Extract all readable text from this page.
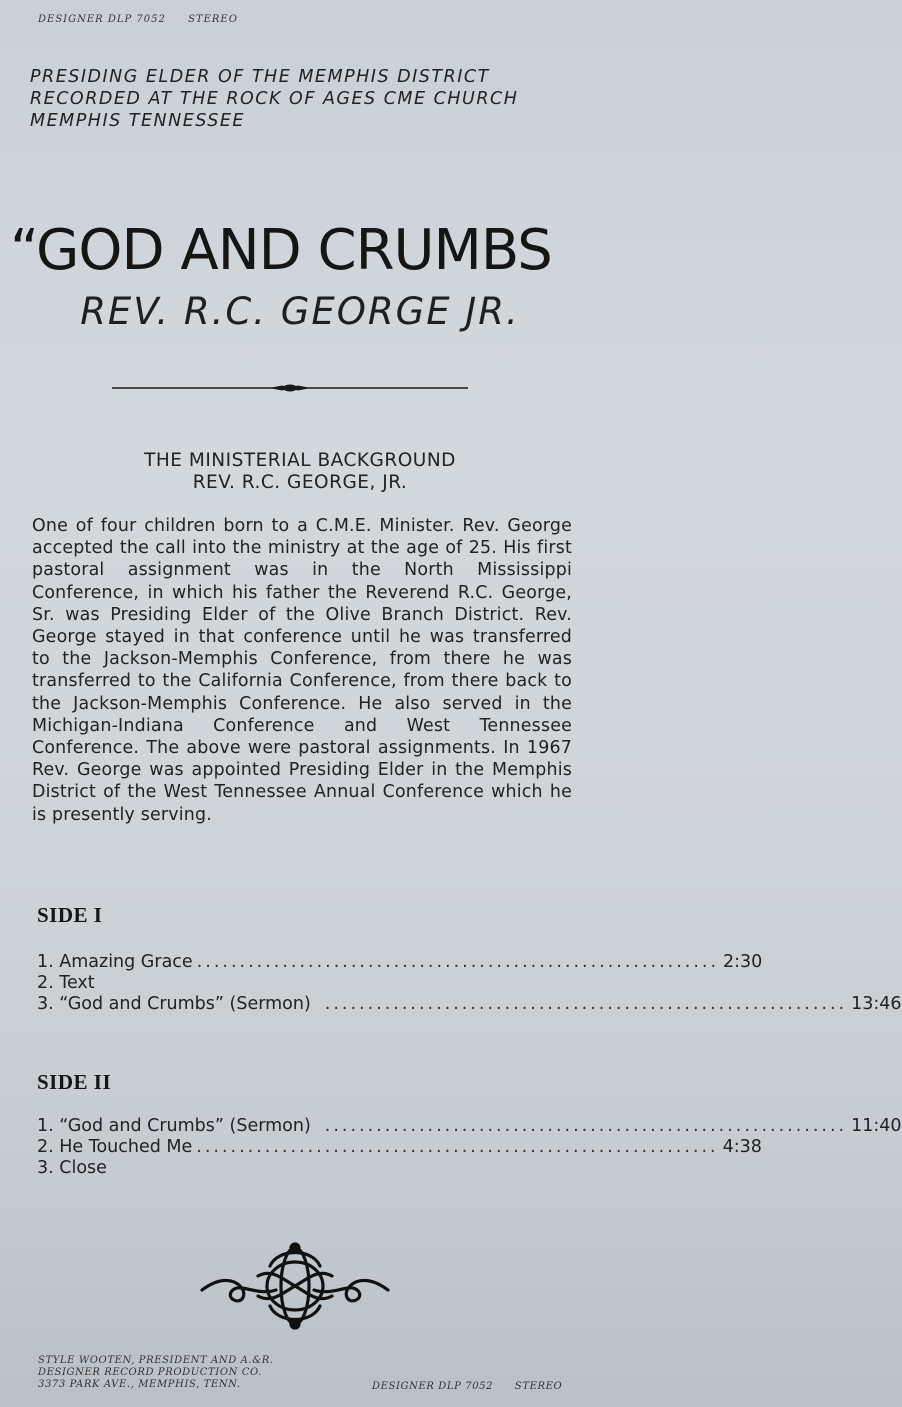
DESIGNER DLP 7052 STEREO
PRESIDING ELDER OF THE MEMPHIS DISTRICT
RECORDED AT THE ROCK OF AGES CME CHURCH
MEMPHIS TENNESSEE
“GOD AND CRUMBS
REV. R.C. GEORGE JR.
THE MINISTERIAL BACKGROUND
REV. R.C. GEORGE, JR.
One of four children born to a C.M.E. Minister. Rev. George accepted the call into the ministry at the age of 25. His first pastoral assignment was in the North Mississippi Conference, in which his father the Reverend R.C. George, Sr. was Presiding Elder of the Olive Branch District. Rev. George stayed in that conference until he was transferred to the Jackson-Memphis Conference, from there he was transferred to the California Conference, from there back to the Jackson-Memphis Conference. He also served in the Michigan-Indiana Conference and West Tennessee Conference. The above were pastoral assignments. In 1967 Rev. George was appointed Presiding Elder in the Memphis District of the West Tennessee Annual Conference which he is presently serving.
SIDE I
1. Amazing Grace ............................................................. 2:30
2. Text
3. “God and Crumbs” (Sermon) ............................................................. 13:46
SIDE II
1. “God and Crumbs” (Sermon) ............................................................. 11:40
2. He Touched Me ............................................................. 4:38
3. Close
STYLE WOOTEN, PRESIDENT AND A.&R.
DESIGNER RECORD PRODUCTION CO.
3373 PARK AVE., MEMPHIS, TENN.	DESIGNER DLP 7052 STEREO
